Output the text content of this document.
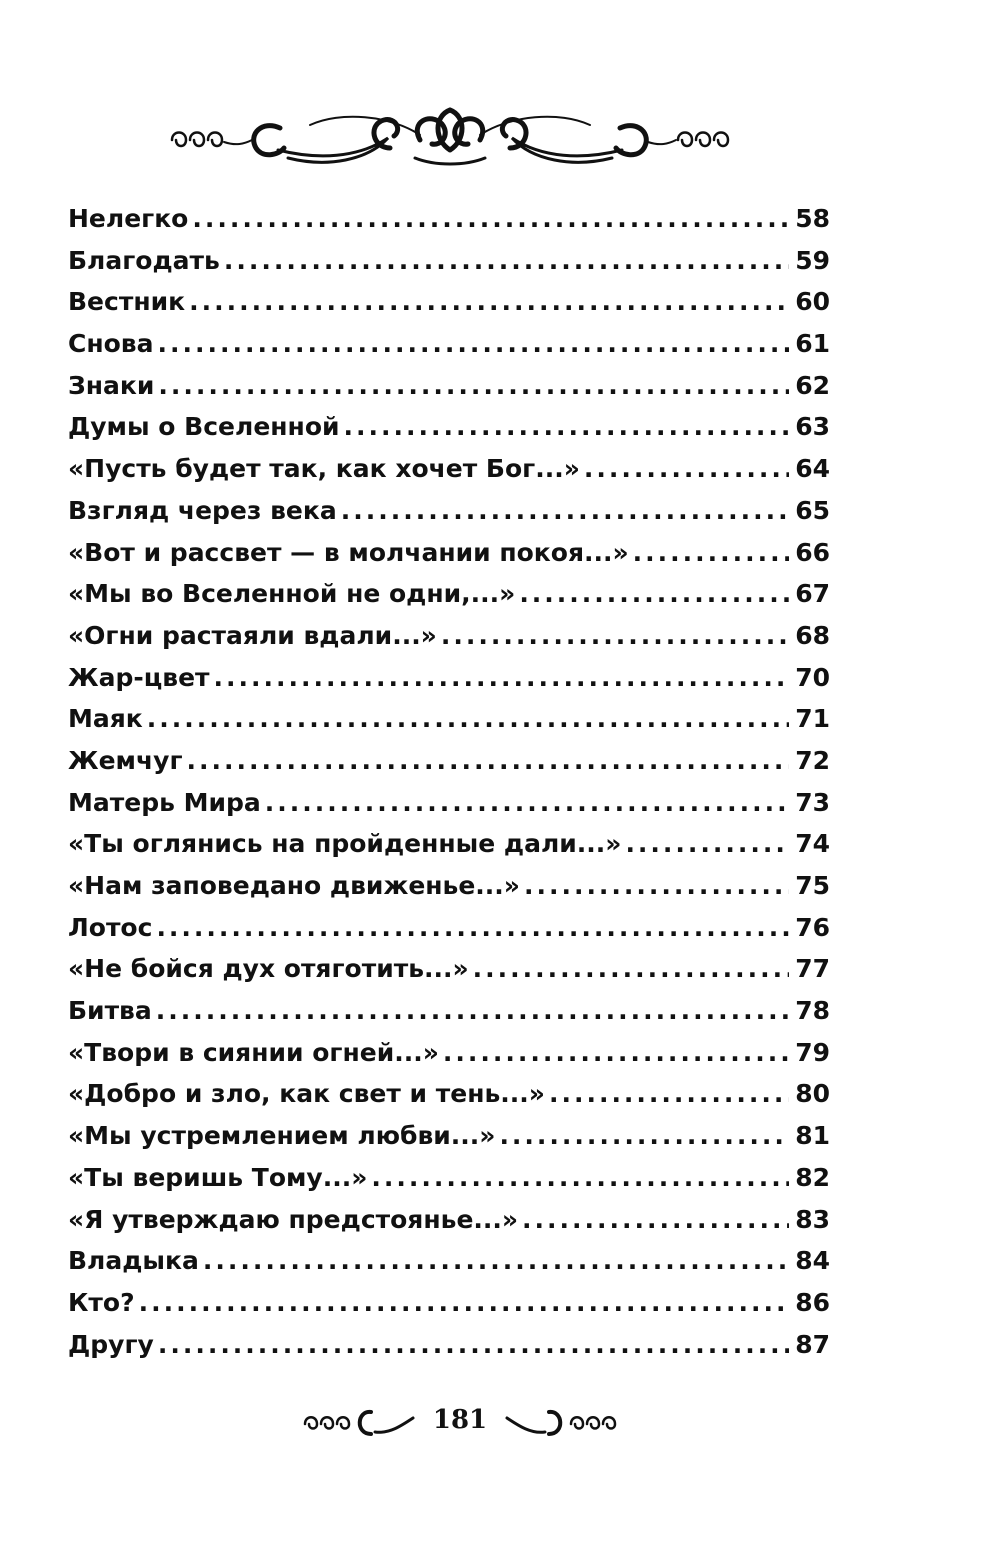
Нелегко .....	58
Благодать .....	59
Вестник .....	60
Снова .....	61
Знаки .....	62
Думы о Вселенной .....	63
«Пусть будет так, как хочет Бог...» .....	64
Взгляд через века .....	65
«Вот и рассвет — в молчании покоя...» .....	66
«Мы во Вселенной не одни,...» .....	67
«Огни растаяли вдали...» .....	68
Жар-цвет .....	70
Маяк .....	71
Жемчуг .....	72
Матерь Мира .....	73
«Ты оглянись на пройденные дали...» .....	74
«Нам заповедано движенье...» .....	75
Лотос .....	76
«Не бойся дух отяготить...» .....	77
Битва .....	78
«Твори в сиянии огней...» .....	79
«Добро и зло, как свет и тень...» .....	80
«Мы устремлением любви...» .....	81
«Ты веришь Тому...» .....	82
«Я утверждаю предстоянье...» .....	83
Владыка .....	84
Кто? .....	86
Другу .....	87
181
